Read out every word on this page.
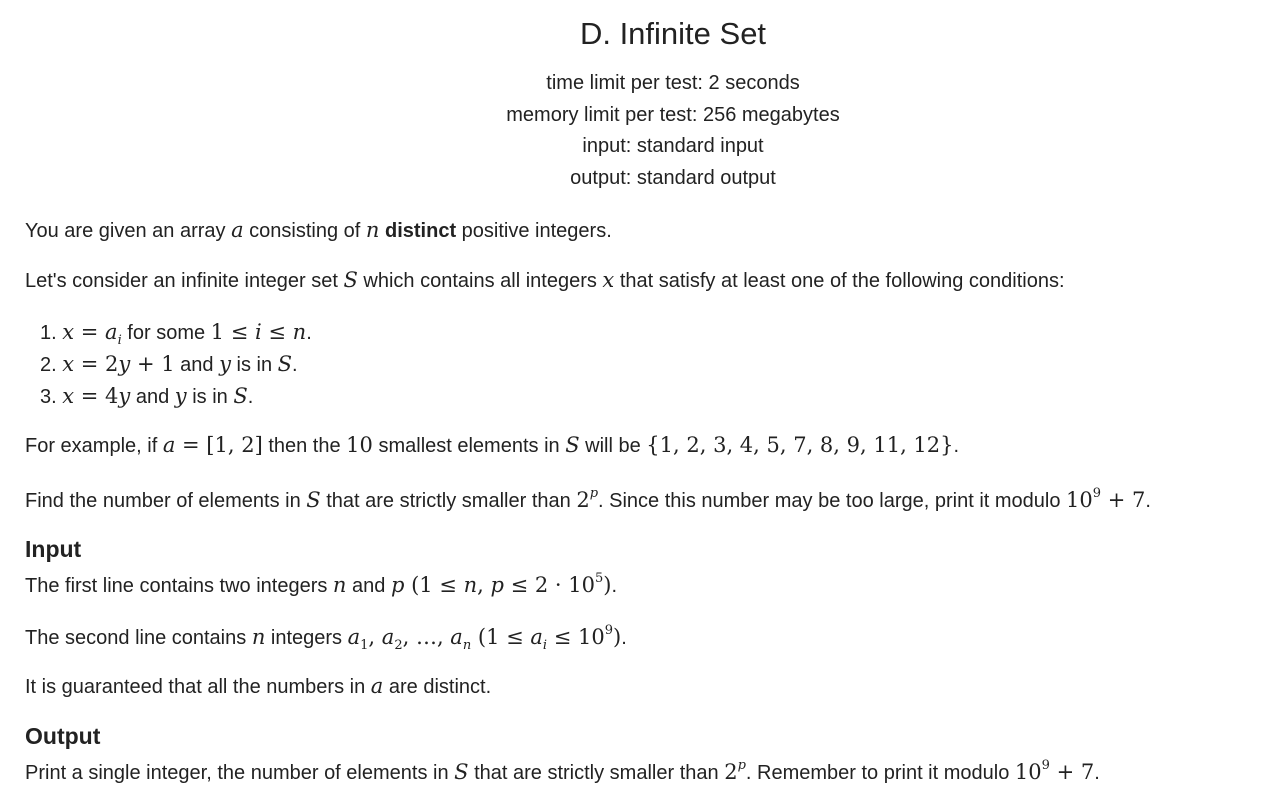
D. Infinite Set
time limit per test: 2 seconds
memory limit per test: 256 megabytes
input: standard input
output: standard output
You are given an array a consisting of n distinct positive integers.
Let's consider an infinite integer set S which contains all integers x that satisfy at least one of the following conditions:
1. $x = a_i$ for some 1 ≤ i ≤ n.
2. x = 2y + 1 and y is in S.
3. x = 4y and y is in S.
For example, if a = [1, 2] then the 10 smallest elements in S will be {1, 2, 3, 4, 5, 7, 8, 9, 11, 12}.
Find the number of elements in S that are strictly smaller than 2$^p$. Since this number may be too large, print it modulo $10^9 + 7$.
Input
The first line contains two integers n and p (1 ≤ n, $p \le 2 \cdot 10^5$).
The second line contains n integers $a_1$, $a_2$, …, $a_n$ $(1 \le a_i \le 10^9)$.
It is guaranteed that all the numbers in a are distinct.
Output
Print a single integer, the number of elements in S that are strictly smaller than 2$^p$. Remember to print it modulo $10^9 + 7$.
